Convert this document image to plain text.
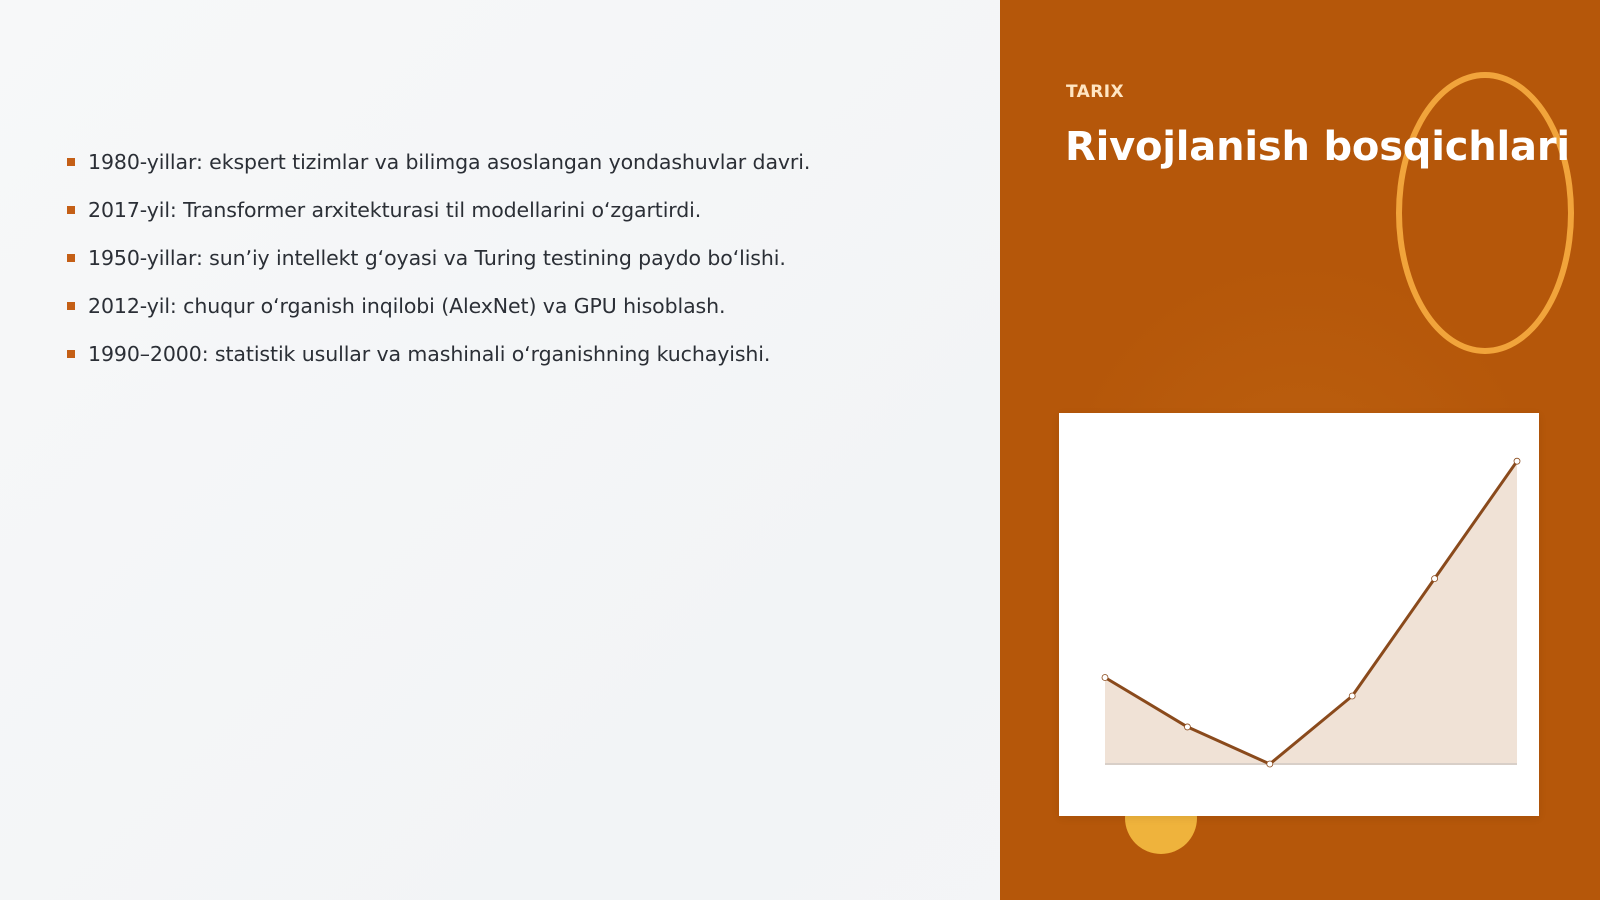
1980-yillar: ekspert tizimlar va bilimga asoslangan yondashuvlar davri.
2017-yil: Transformer arxitekturasi til modellarini oʻzgartirdi.
1950-yillar: sunʼiy intellekt gʻoyasi va Turing testining paydo boʻlishi.
2012-yil: chuqur oʻrganish inqilobi (AlexNet) va GPU hisoblash.
1990–2000: statistik usullar va mashinali oʻrganishning kuchayishi.
TARIX
Rivojlanish bosqichlari
